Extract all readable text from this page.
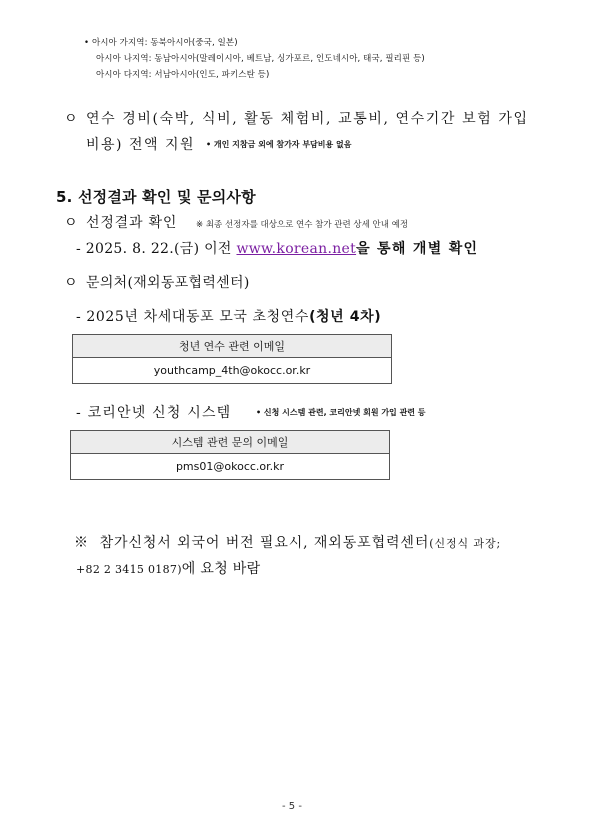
• 아시아 가지역: 동북아시아(중국, 일본)
아시아 나지역: 동남아시아(말레이시아, 베트남, 싱가포르, 인도네시아, 태국, 필리핀 등)
아시아 다지역: 서남아시아(인도, 파키스탄 등)
ㅇ 연수 경비(숙박, 식비, 활동 체험비, 교통비, 연수기간 보험 가입
비용) 전액 지원 • 개인 지참금 외에 참가자 부담비용 없음
5. 선정결과 확인 및 문의사항
ㅇ 선정결과 확인 ※ 최종 선정자를 대상으로 연수 참가 관련 상세 안내 예정
- 2025. 8. 22.(금) 이전 www.korean.net을 통해 개별 확인
ㅇ 문의처(재외동포협력센터)
- 2025년 차세대동포 모국 초청연수(청년 4차)
청년 연수 관련 이메일
youthcamp_4th@okocc.or.kr
- 코리안넷 신청 시스템	• 신청 시스템 관련, 코리안넷 회원 가입 관련 등
시스템 관련 문의 이메일
pms01@okocc.or.kr
※ 참가신청서 외국어 버전 필요시, 재외동포협력센터(신정식 과장;
+82 2 3415 0187)에 요청 바람
- 5 -
